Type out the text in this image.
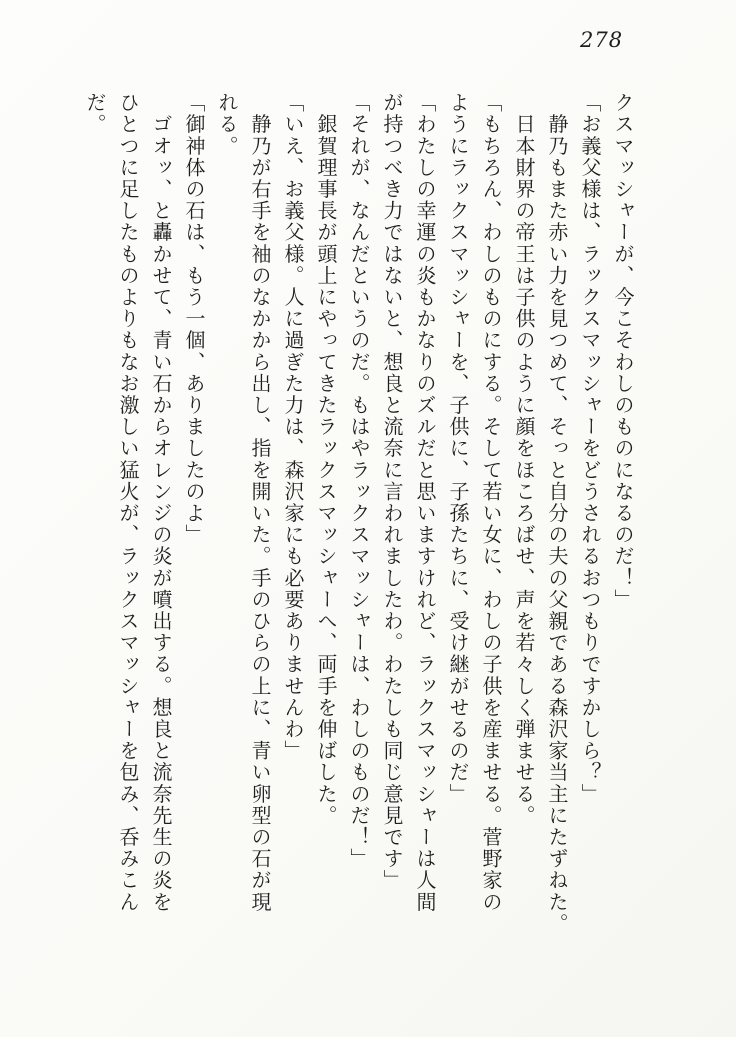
278
クスマッシャーが、今こそわしのものになるのだ！」
「お義父様は、ラックスマッシャーをどうされるおつもりですかしら？」
　静乃もまた赤い力を見つめて、そっと自分の夫の父親である森沢家当主にたずねた。
　日本財界の帝王は子供のように顔をほころばせ、声を若々しく弾ませる。
「もちろん、わしのものにする。そして若い女に、わしの子供を産ませる。菅野家の
ようにラックスマッシャーを、子供に、子孫たちに、受け継がせるのだ」
「わたしの幸運の炎もかなりのズルだと思いますけれど、ラックスマッシャーは人間
が持つべき力ではないと、想良と流奈に言われましたわ。わたしも同じ意見です」
「それが、なんだというのだ。もはやラックスマッシャーは、わしのものだ！」
　銀賀理事長が頭上にやってきたラックスマッシャーへ、両手を伸ばした。
「いえ、お義父様。人に過ぎた力は、森沢家にも必要ありませんわ」
　静乃が右手を袖のなかから出し、指を開いた。手のひらの上に、青い卵型の石が現
れる。
「御神体の石は、もう一個、ありましたのよ」
　ゴオッ、と轟かせて、青い石からオレンジの炎が噴出する。想良と流奈先生の炎を
ひとつに足したものよりもなお激しい猛火が、ラックスマッシャーを包み、呑みこん
だ。
